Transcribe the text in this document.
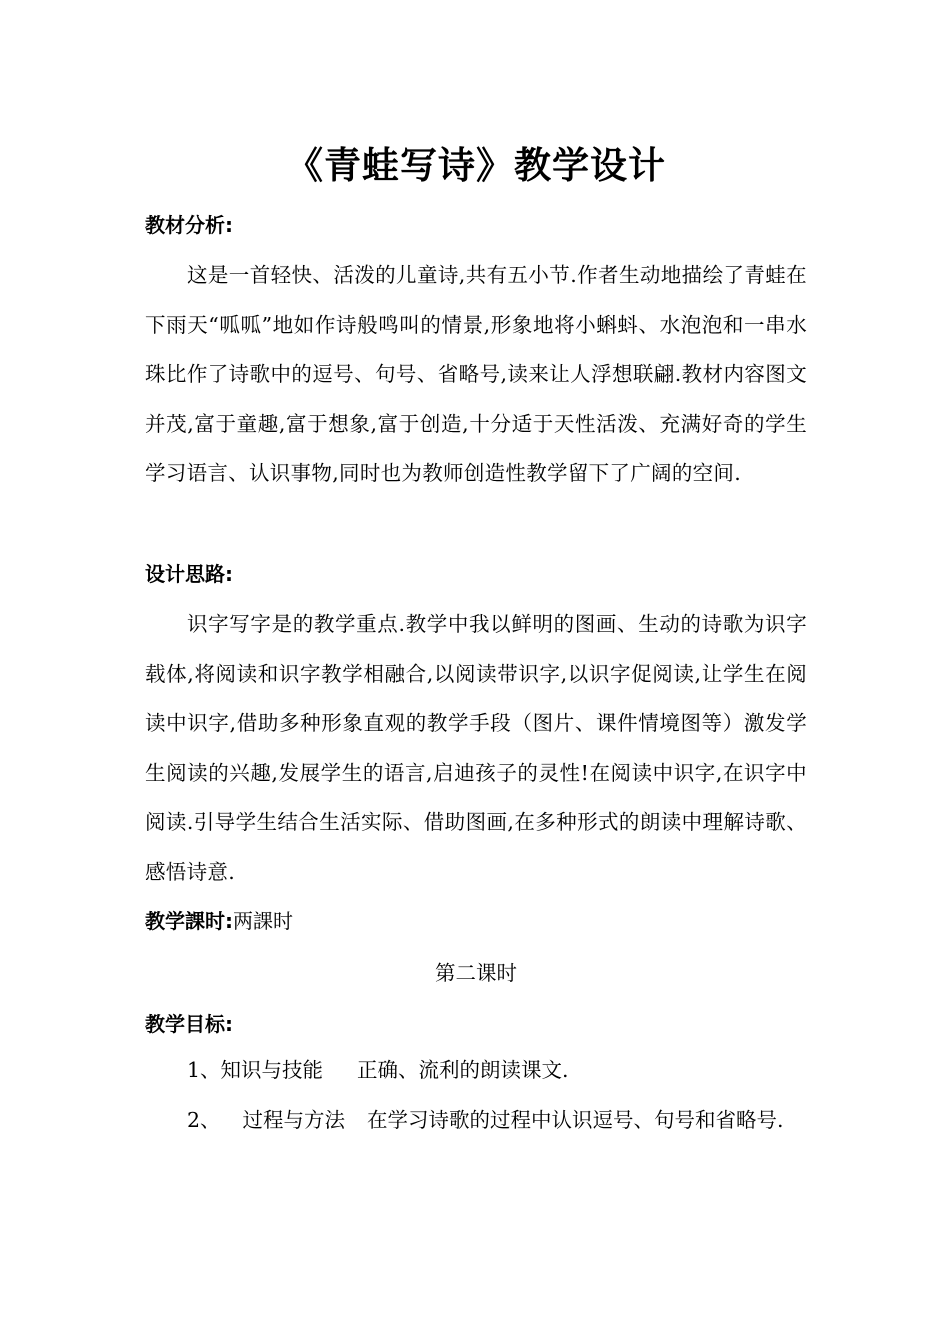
《青蛙写诗》教学设计
教材分析:
这是一首轻快、活泼的儿童诗,共有五小节.作者生动地描绘了青蛙在下雨天“呱呱”地如作诗般鸣叫的情景,形象地将小蝌蚪、水泡泡和一串水珠比作了诗歌中的逗号、句号、省略号,读来让人浮想联翩.教材内容图文并茂,富于童趣,富于想象,富于创造,十分适于天性活泼、充满好奇的学生学习语言、认识事物,同时也为教师创造性教学留下了广阔的空间.
设计思路:
识字写字是的教学重点.教学中我以鲜明的图画、生动的诗歌为识字载体,将阅读和识字教学相融合,以阅读带识字,以识字促阅读,让学生在阅读中识字,借助多种形象直观的教学手段（图片、课件情境图等）激发学生阅读的兴趣,发展学生的语言,启迪孩子的灵性!在阅读中识字,在识字中阅读.引导学生结合生活实际、借助图画,在多种形式的朗读中理解诗歌、感悟诗意.
教学課时:两課时
第二课时
教学目标:
1、知识与技能 正确、流利的朗读课文.
2、 过程与方法 在学习诗歌的过程中认识逗号、句号和省略号.
